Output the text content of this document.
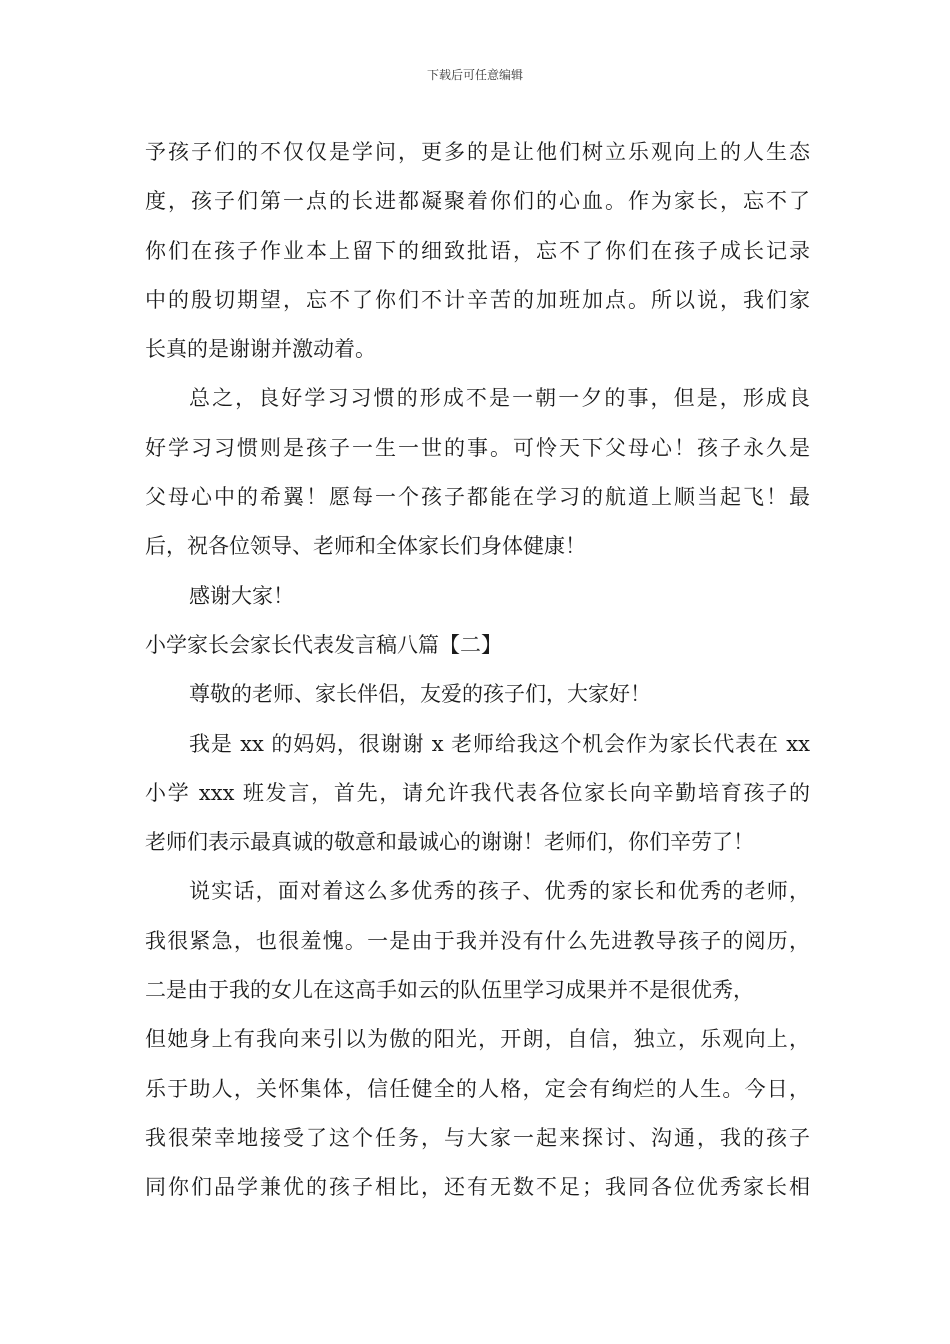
下载后可任意编辑
予孩子们的不仅仅是学问，更多的是让他们树立乐观向上的人生态
度，孩子们第一点的长进都凝聚着你们的心血。作为家长，忘不了
你们在孩子作业本上留下的细致批语，忘不了你们在孩子成长记录
中的殷切期望，忘不了你们不计辛苦的加班加点。所以说，我们家
长真的是谢谢并激动着。
总之，良好学习习惯的形成不是一朝一夕的事，但是，形成良
好学习习惯则是孩子一生一世的事。可怜天下父母心！孩子永久是
父母心中的希翼！愿每一个孩子都能在学习的航道上顺当起飞！最
后，祝各位领导、老师和全体家长们身体健康！
感谢大家！
小学家长会家长代表发言稿八篇【二】
尊敬的老师、家长伴侣，友爱的孩子们，大家好！
我是 xx 的妈妈，很谢谢 x 老师给我这个机会作为家长代表在 xx
小学 xxx 班发言，首先，请允许我代表各位家长向辛勤培育孩子的
老师们表示最真诚的敬意和最诚心的谢谢！老师们，你们辛劳了！
说实话，面对着这么多优秀的孩子、优秀的家长和优秀的老师，
我很紧急，也很羞愧。一是由于我并没有什么先进教导孩子的阅历，
二是由于我的女儿在这高手如云的队伍里学习成果并不是很优秀，
但她身上有我向来引以为傲的阳光，开朗，自信，独立，乐观向上，
乐于助人，关怀集体，信任健全的人格，定会有绚烂的人生。今日，
我很荣幸地接受了这个任务，与大家一起来探讨、沟通，我的孩子
同你们品学兼优的孩子相比，还有无数不足；我同各位优秀家长相
